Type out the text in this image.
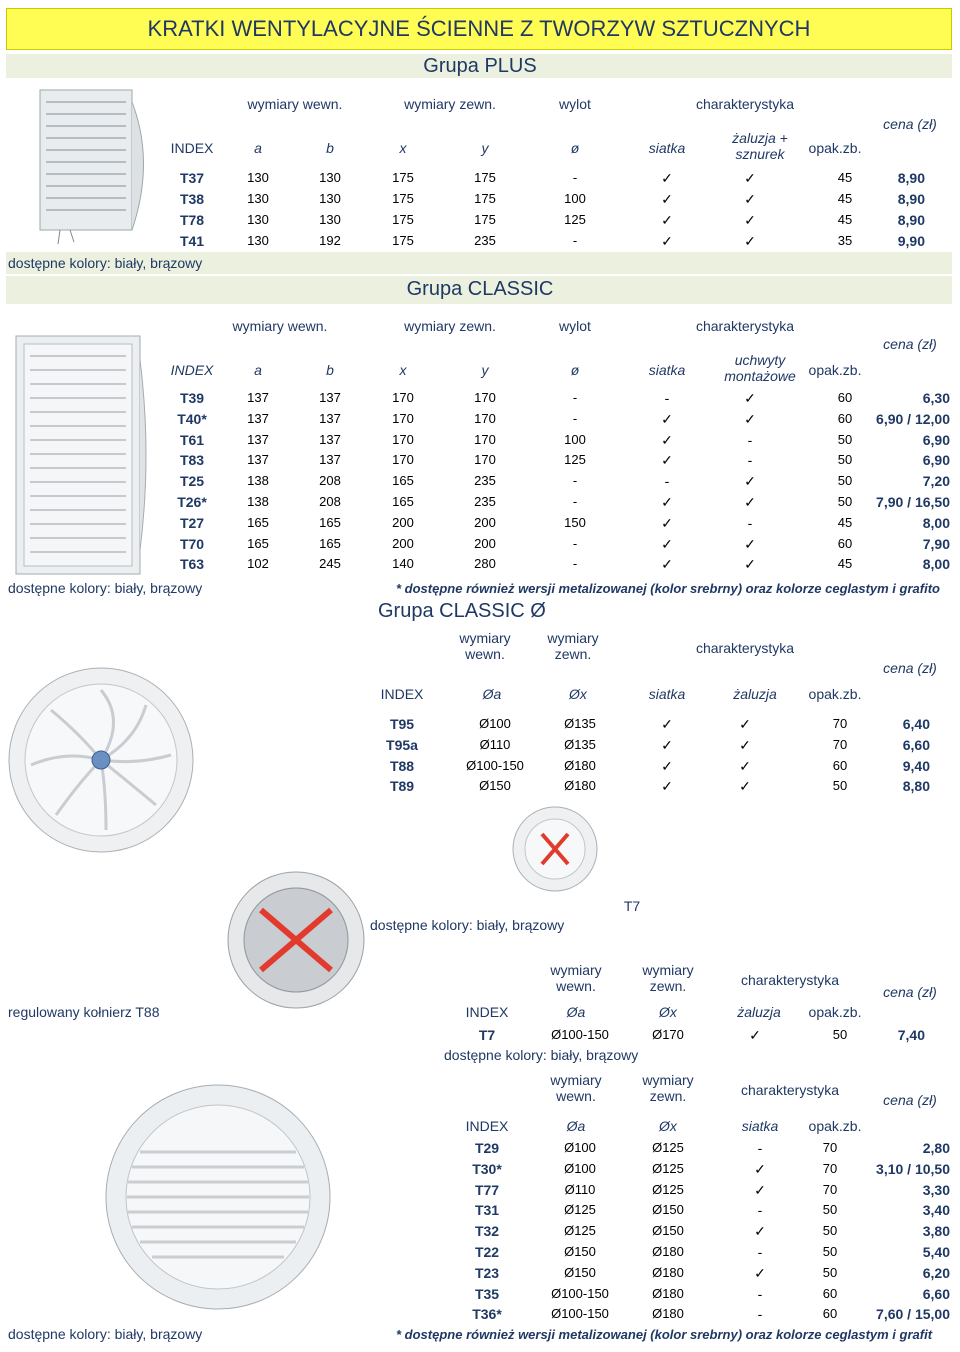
KRATKI WENTYLACYJNE ŚCIENNE Z TWORZYW SZTUCZNYCH
Grupa PLUS
wymiary wewn.	wymiary zewn.	wylot	charakterystyka
cena (zł)
INDEX	a	b	x	y	ø	siatka
żaluzja + sznurek	opak.zb.
T37	130	130	175	175	-	✓	✓	45	8,90
T38	130	130	175	175	100	✓	✓	45	8,90
T78	130	130	175	175	125	✓	✓	45	8,90
T41	130	192	175	235	-	✓	✓	35	9,90
dostępne kolory: biały, brązowy
Grupa CLASSIC
wymiary wewn.	wymiary zewn.	wylot	charakterystyka
cena (zł)
INDEX	a	b	x	y	ø	siatka
uchwyty montażowe opak.zb.
T39	137	137	170	170	-	-	✓	60	6,30
T40*	137	137	170	170	-	✓	✓	60	6,90 / 12,00
T61	137	137	170	170	100	✓	-	50	6,90
T83	137	137	170	170	125	✓	-	50	6,90
T25	138	208	165	235	-	-	✓	50	7,20
T26*	138	208	165	235	-	✓	✓	50	7,90 / 16,50
T27	165	165	200	200	150	✓	-	45	8,00
T70	165	165	200	200	-	✓	✓	60	7,90
T63	102	245	140	280	-	✓	✓	45	8,00
dostępne kolory: biały, brązowy	* dostępne również wersji metalizowanej (kolor srebrny) oraz kolorze ceglastym i grafito
Grupa CLASSIC Ø
wymiary wewn.
wymiary zewn.	charakterystyka
cena (zł)
INDEX	Øa	Øx	siatka	żaluzja	opak.zb.
T95	Ø100	Ø135	✓	✓	70	6,40
T95a	Ø110	Ø135	✓	✓	70	6,60
T88	Ø100-150	Ø180	✓	✓	60	9,40
T89	Ø150	Ø180	✓	✓	50	8,80
T7
dostępne kolory: biały, brązowy
regulowany kołnierz T88
wymiary wewn.
wymiary zewn.	charakterystyka
cena (zł)
INDEX	Øa	Øx	żaluzja	opak.zb.
T7	Ø100-150	Ø170	✓	50	7,40
dostępne kolory: biały, brązowy
wymiary wewn.
wymiary zewn.	charakterystyka
cena (zł)
INDEX	Øa	Øx	siatka	opak.zb.
T29	Ø100	Ø125	-	70	2,80
T30*	Ø100	Ø125	✓	70	3,10 / 10,50
T77	Ø110	Ø125	✓	70	3,30
T31	Ø125	Ø150	-	50	3,40
T32	Ø125	Ø150	✓	50	3,80
T22	Ø150	Ø180	-	50	5,40
T23	Ø150	Ø180	✓	50	6,20
T35	Ø100-150	Ø180	-	60	6,60
T36*	Ø100-150	Ø180	-	60	7,60 / 15,00
dostępne kolory: biały, brązowy	* dostępne również wersji metalizowanej (kolor srebrny) oraz kolorze ceglastym i grafit
